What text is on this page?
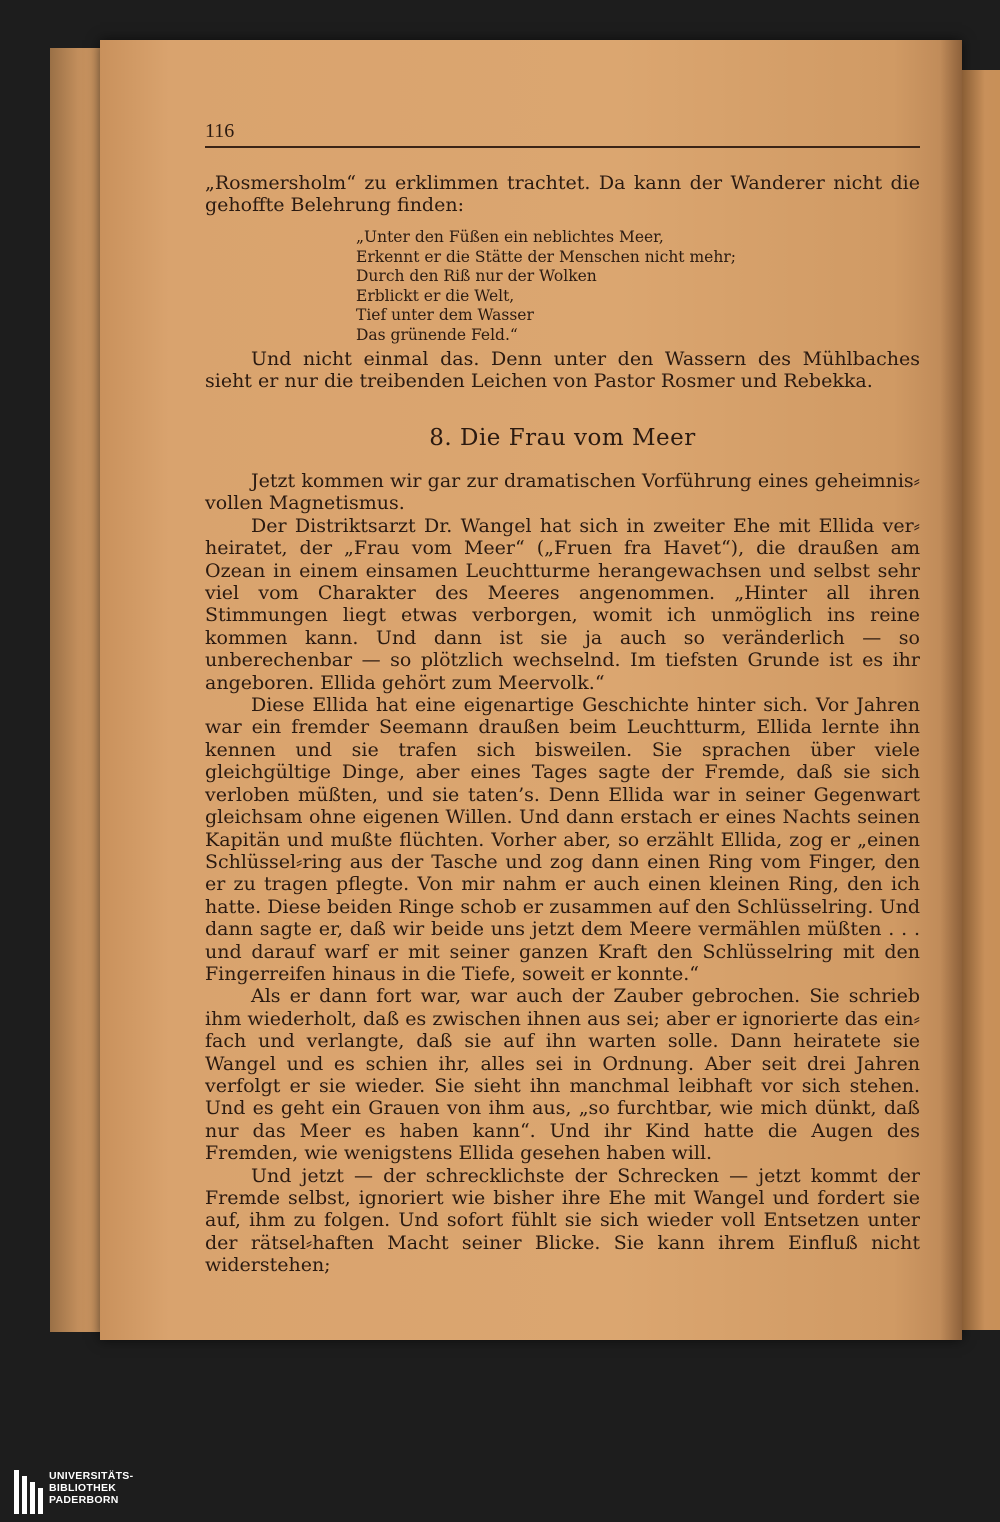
116

„Rosmersholm“ zu erklimmen trachtet. Da kann der Wanderer nicht die gehoffte Belehrung finden:

„Unter den Füßen ein neblichtes Meer,
Erkennt er die Stätte der Menschen nicht mehr;
Durch den Riß nur der Wolken
Erblickt er die Welt,
Tief unter dem Wasser
Das grünende Feld.“

Und nicht einmal das. Denn unter den Wassern des Mühlbaches sieht er nur die treibenden Leichen von Pastor Rosmer und Rebekka.

8. Die Frau vom Meer

Jetzt kommen wir gar zur dramatischen Vorführung eines geheimnis⸗vollen Magnetismus.

Der Distriktsarzt Dr. Wangel hat sich in zweiter Ehe mit Ellida ver⸗heiratet, der „Frau vom Meer“ („Fruen fra Havet“), die draußen am Ozean in einem einsamen Leuchtturme herangewachsen und selbst sehr viel vom Charakter des Meeres angenommen. „Hinter all ihren Stimmungen liegt etwas verborgen, womit ich unmöglich ins reine kommen kann. Und dann ist sie ja auch so veränderlich — so unberechenbar — so plötzlich wechselnd. Im tiefsten Grunde ist es ihr angeboren. Ellida gehört zum Meervolk.“

Diese Ellida hat eine eigenartige Geschichte hinter sich. Vor Jahren war ein fremder Seemann draußen beim Leuchtturm, Ellida lernte ihn kennen und sie trafen sich bisweilen. Sie sprachen über viele gleichgültige Dinge, aber eines Tages sagte der Fremde, daß sie sich verloben müßten, und sie taten’s. Denn Ellida war in seiner Gegenwart gleichsam ohne eigenen Willen. Und dann erstach er eines Nachts seinen Kapitän und mußte flüchten. Vorher aber, so erzählt Ellida, zog er „einen Schlüssel⸗ring aus der Tasche und zog dann einen Ring vom Finger, den er zu tragen pflegte. Von mir nahm er auch einen kleinen Ring, den ich hatte. Diese beiden Ringe schob er zusammen auf den Schlüsselring. Und dann sagte er, daß wir beide uns jetzt dem Meere vermählen müßten . . . und darauf warf er mit seiner ganzen Kraft den Schlüsselring mit den Fingerreifen hinaus in die Tiefe, soweit er konnte.“

Als er dann fort war, war auch der Zauber gebrochen. Sie schrieb ihm wiederholt, daß es zwischen ihnen aus sei; aber er ignorierte das ein⸗fach und verlangte, daß sie auf ihn warten solle. Dann heiratete sie Wangel und es schien ihr, alles sei in Ordnung. Aber seit drei Jahren verfolgt er sie wieder. Sie sieht ihn manchmal leibhaft vor sich stehen. Und es geht ein Grauen von ihm aus, „so furchtbar, wie mich dünkt, daß nur das Meer es haben kann“. Und ihr Kind hatte die Augen des Fremden, wie wenigstens Ellida gesehen haben will.

Und jetzt — der schrecklichste der Schrecken — jetzt kommt der Fremde selbst, ignoriert wie bisher ihre Ehe mit Wangel und fordert sie auf, ihm zu folgen. Und sofort fühlt sie sich wieder voll Entsetzen unter der rätsel⸗haften Macht seiner Blicke. Sie kann ihrem Einfluß nicht widerstehen;

UNIVERSITÄTS-
BIBLIOTHEK
PADERBORN
